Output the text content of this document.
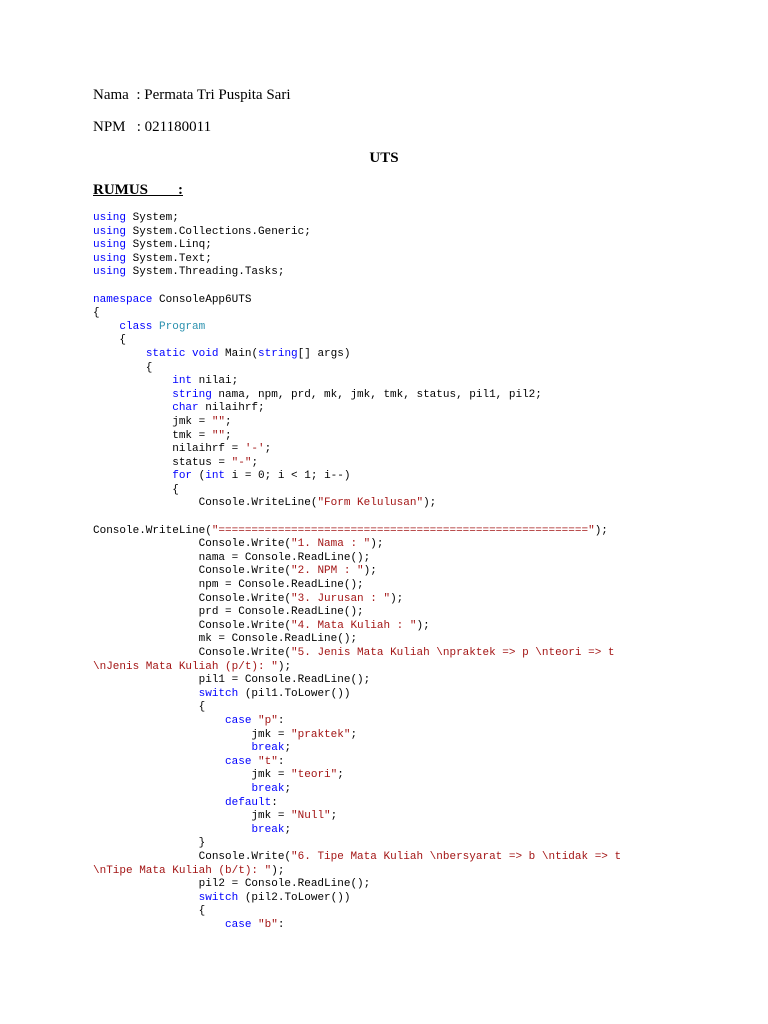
Nama : Permata Tri Puspita Sari
NPM : 021180011
UTS
RUMUS :
using System;
using System.Collections.Generic;
using System.Linq;
using System.Text;
using System.Threading.Tasks;
namespace ConsoleApp6UTS
{
class Program
{
static void Main(string[] args)
{
int nilai;
string nama, npm, prd, mk, jmk, tmk, status, pil1, pil2;
char nilaihrf;
jmk = "";
tmk = "";
nilaihrf = '-';
status = "-";
for (int i = 0; i < 1; i--)
{
Console.WriteLine("Form Kelulusan");
Console.WriteLine("========================================================");
Console.Write("1. Nama : ");
nama = Console.ReadLine();
Console.Write("2. NPM : ");
npm = Console.ReadLine();
Console.Write("3. Jurusan : ");
prd = Console.ReadLine();
Console.Write("4. Mata Kuliah : ");
mk = Console.ReadLine();
Console.Write("5. Jenis Mata Kuliah \npraktek => p \nteori => t
\nJenis Mata Kuliah (p/t): ");
pil1 = Console.ReadLine();
switch (pil1.ToLower())
{
case "p":
jmk = "praktek";
break;
case "t":
jmk = "teori";
break;
default:
jmk = "Null";
break;
}
Console.Write("6. Tipe Mata Kuliah \nbersyarat => b \ntidak => t
\nTipe Mata Kuliah (b/t): ");
pil2 = Console.ReadLine();
switch (pil2.ToLower())
{
case "b":
